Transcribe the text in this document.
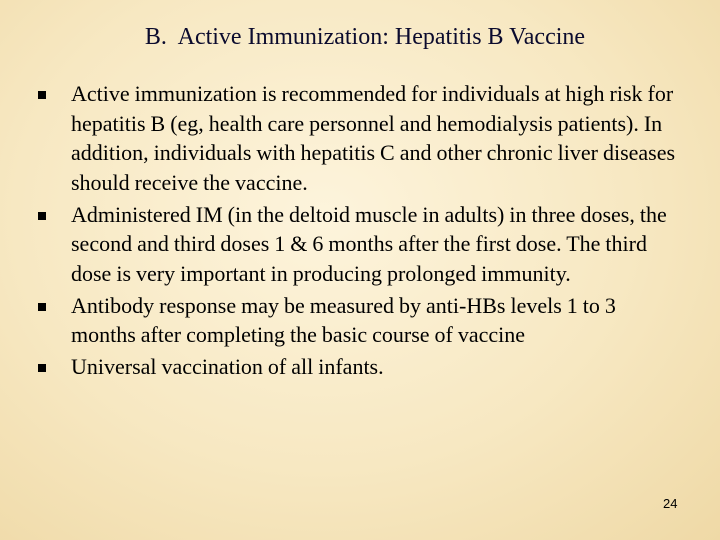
B.  Active Immunization: Hepatitis B Vaccine
Active immunization is recommended for individuals at high risk for hepatitis B (eg, health care personnel and hemodialysis patients). In addition, individuals with hepatitis C and other chronic liver diseases should receive the vaccine.
Administered IM (in the deltoid muscle in adults) in three doses, the second and third doses 1 & 6 months after the first dose. The third dose is very important in producing prolonged immunity.
Antibody response may be measured by anti-HBs levels 1 to 3 months after completing the basic course of vaccine
Universal vaccination of all infants.
24
